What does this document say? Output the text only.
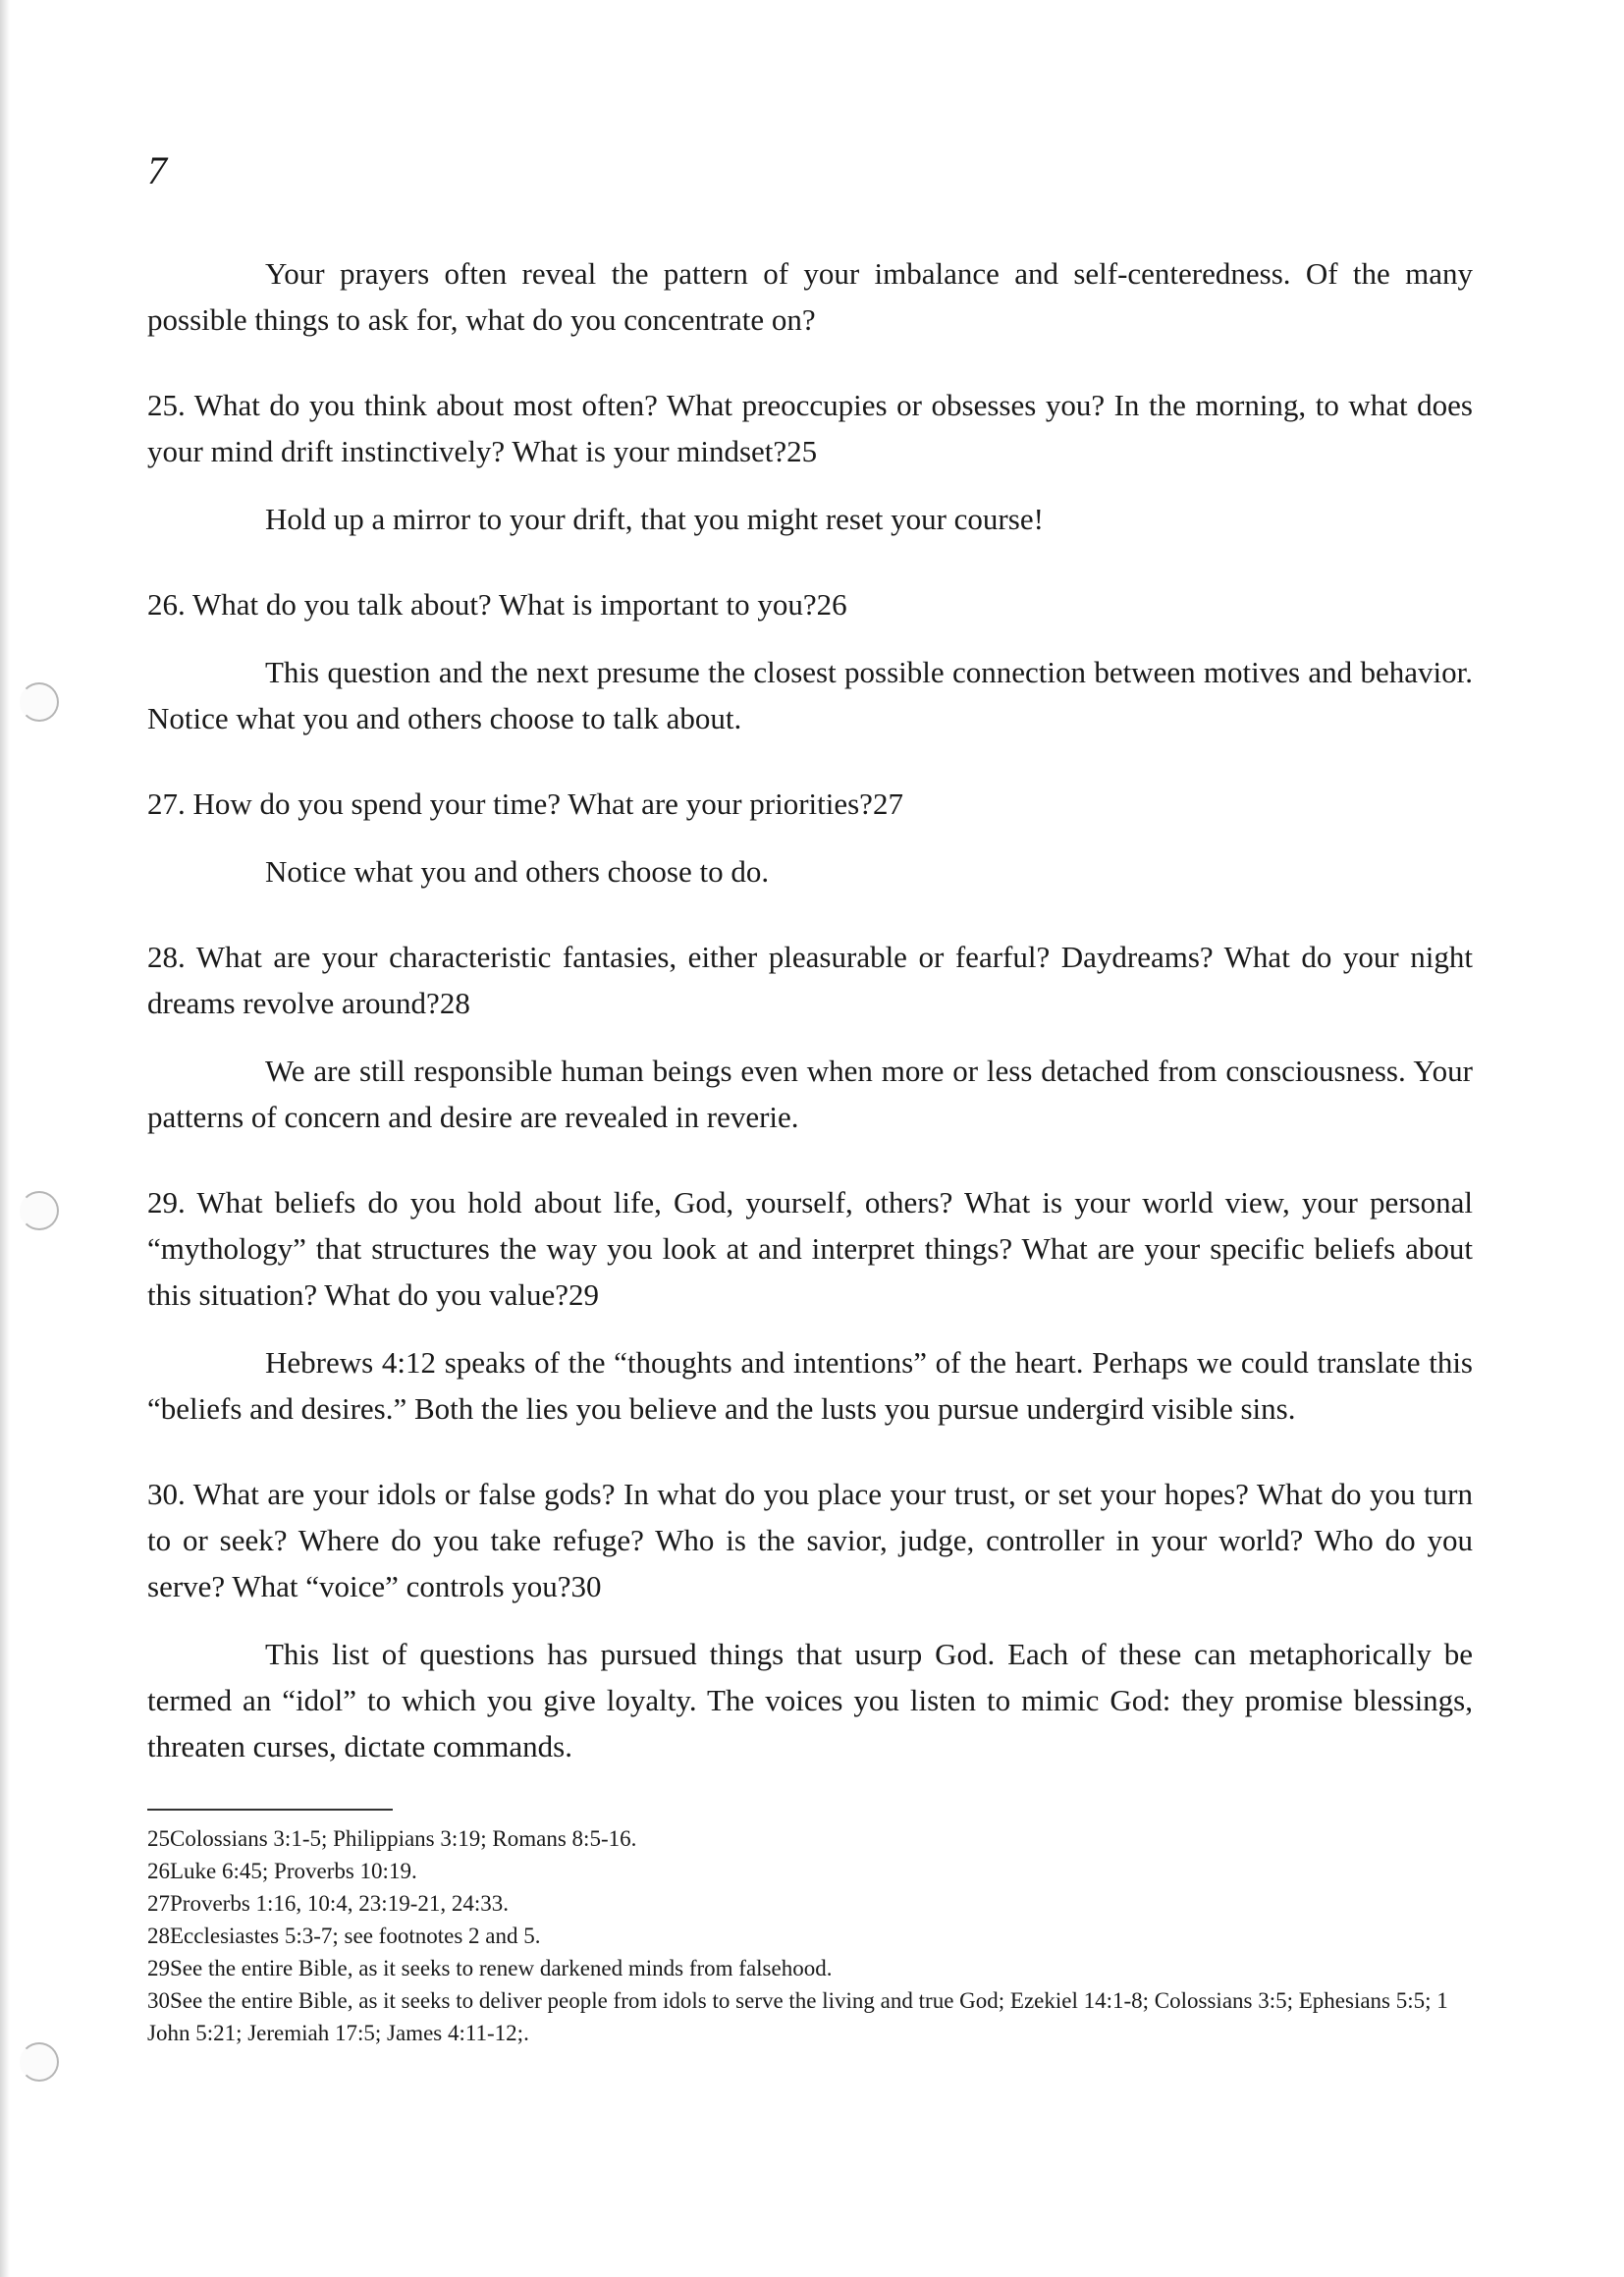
7

Your prayers often reveal the pattern of your imbalance and self-centeredness. Of the many possible things to ask for, what do you concentrate on?

25. What do you think about most often? What preoccupies or obsesses you? In the morning, to what does your mind drift instinctively? What is your mindset?25

Hold up a mirror to your drift, that you might reset your course!

26. What do you talk about? What is important to you?26

This question and the next presume the closest possible connection between motives and behavior. Notice what you and others choose to talk about.

27. How do you spend your time? What are your priorities?27

Notice what you and others choose to do.

28. What are your characteristic fantasies, either pleasurable or fearful? Daydreams? What do your night dreams revolve around?28

We are still responsible human beings even when more or less detached from consciousness. Your patterns of concern and desire are revealed in reverie.

29. What beliefs do you hold about life, God, yourself, others? What is your world view, your personal “mythology” that structures the way you look at and interpret things? What are your specific beliefs about this situation? What do you value?29

Hebrews 4:12 speaks of the “thoughts and intentions” of the heart. Perhaps we could translate this “beliefs and desires.” Both the lies you believe and the lusts you pursue undergird visible sins.

30. What are your idols or false gods? In what do you place your trust, or set your hopes? What do you turn to or seek? Where do you take refuge? Who is the savior, judge, controller in your world? Who do you serve? What “voice” controls you?30

This list of questions has pursued things that usurp God. Each of these can metaphorically be termed an “idol” to which you give loyalty. The voices you listen to mimic God: they promise blessings, threaten curses, dictate commands.

25Colossians 3:1-5; Philippians 3:19; Romans 8:5-16.

26Luke 6:45; Proverbs 10:19.

27Proverbs 1:16, 10:4, 23:19-21, 24:33.

28Ecclesiastes 5:3-7; see footnotes 2 and 5.

29See the entire Bible, as it seeks to renew darkened minds from falsehood.

30See the entire Bible, as it seeks to deliver people from idols to serve the living and true God; Ezekiel 14:1-8; Colossians 3:5; Ephesians 5:5; 1 John 5:21; Jeremiah 17:5; James 4:11-12;.
